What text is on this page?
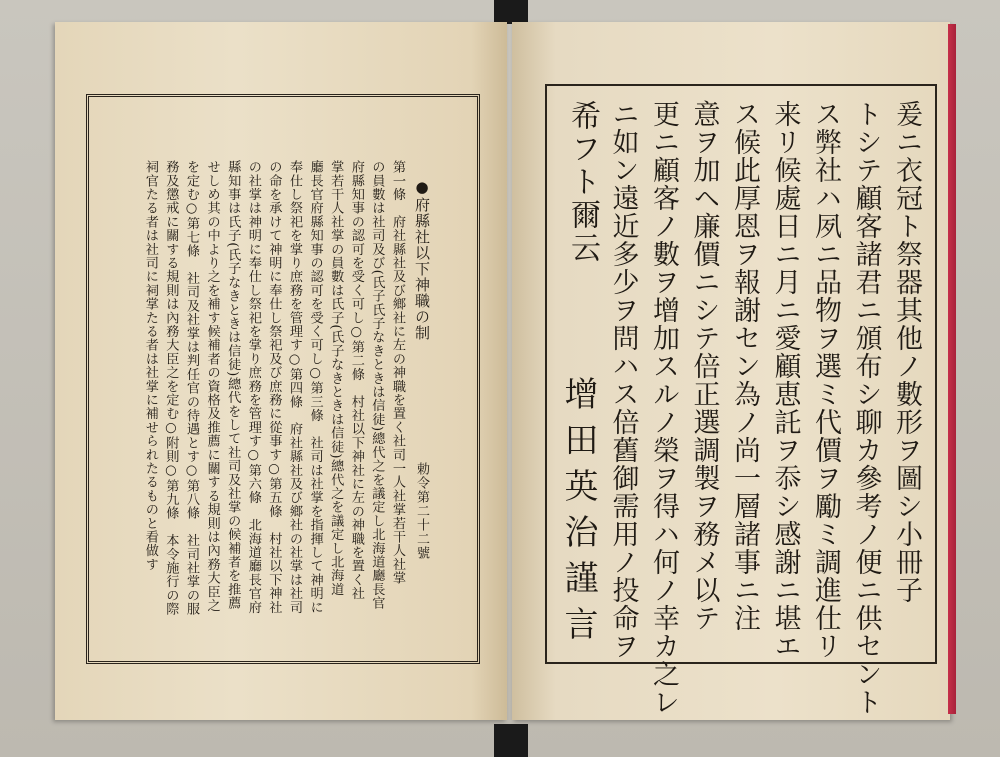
第一條　府社縣社及び鄉社に左の神職を置く社司一人社掌若干人社掌
の員數は社司及び(氏子氏子なきときは信徒)總代之を議定し北海道廳長官
府縣知事の認可を受く可し○第二條　村社以下神社に左の神職を置く社
掌若干人社掌の員數は氏子(氏子なきときは信徒)總代之を議定し北海道
廳長官府縣知事の認可を受く可し○第三條　社司は社掌を指揮して神明に
奉仕し祭祀を掌り庶務を管理す○第四條　府社縣社及び鄉社の社掌は社司
の命を承けて神明に奉仕し祭祀及び庶務に從事す○第五條　村社以下神社
の社掌は神明に奉仕し祭祀を掌り庶務を管理す○第六條　北海道廳長官府
縣知事は氏子(氏子なきときは信徒)總代をして社司及社掌の候補者を推薦
せしめ其の中より之を補す候補者の資格及推薦に關する規則は內務大臣之
を定む○第七條　社司及社掌は判任官の待遇とす○第八條　社司社掌の服
務及懲戒に關する規則は內務大臣之を定む○附則○第九條　本令施行の際
祠官たる者は社司に祠掌たる者は社掌に補せられたるものと看做す	●府縣社以下神職の制
勅令第二十二號	爰ニ衣冠ト祭器其他ノ數形ヲ圖シ小冊子
トシテ顧客諸君ニ頒布シ聊カ參考ノ便ニ供セント
ス弊社ハ夙ニ品物ヲ選ミ代價ヲ勵ミ調進仕リ
来リ候處日ニ月ニ愛顧恵託ヲ忝シ感謝ニ堪エ
ス候此厚恩ヲ報謝セン為ノ尚一層諸事ニ注
意ヲ加ヘ廉價ニシテ倍正選調製ヲ務メ以テ
更ニ顧客ノ數ヲ增加スルノ榮ヲ得ハ何ノ幸カ之レ
ニ如ン遠近多少ヲ問ハス倍舊御需用ノ投命ヲ
希フト爾云
增田英治謹言
